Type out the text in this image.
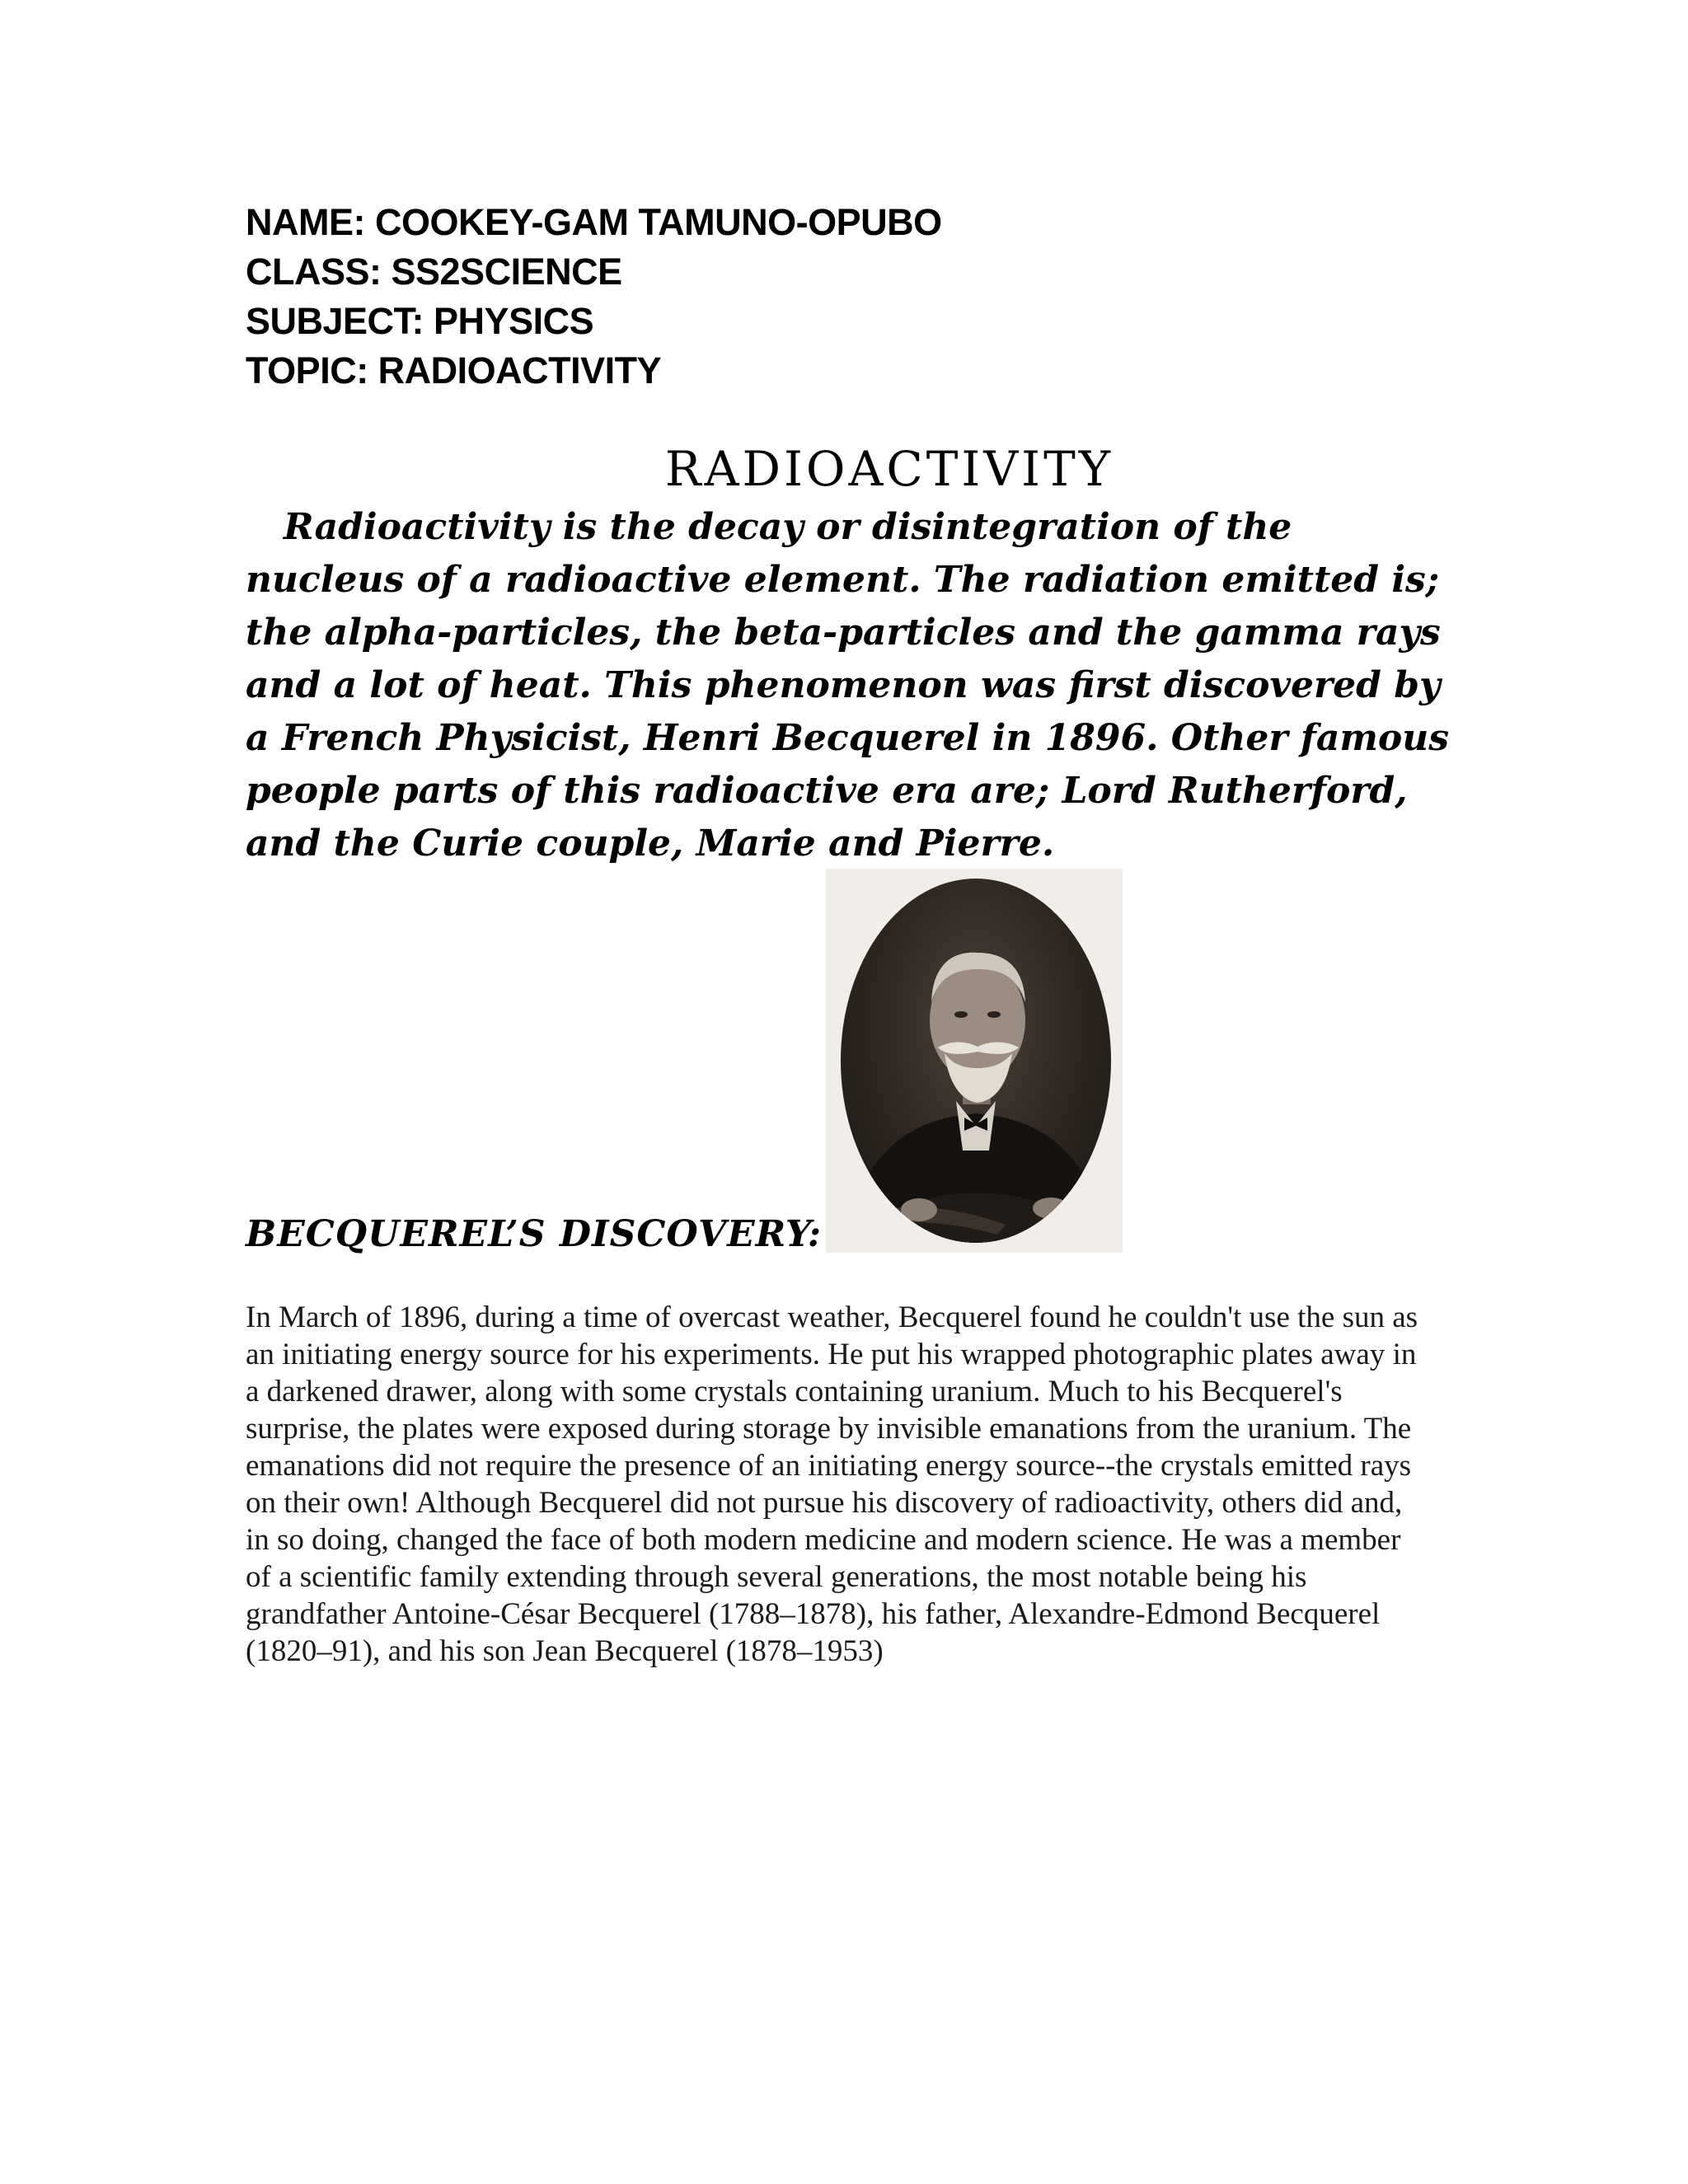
NAME: COOKEY-GAM TAMUNO-OPUBO
CLASS: SS2SCIENCE
SUBJECT: PHYSICS
TOPIC: RADIOACTIVITY
RADIOACTIVITY

Radioactivity is the decay or disintegration of the nucleus of a radioactive element. The radiation emitted is; the alpha-particles, the beta-particles and the gamma rays and a lot of heat. This phenomenon was first discovered by a French Physicist, Henri Becquerel in 1896. Other famous people parts of this radioactive era are; Lord Rutherford, and the Curie couple, Marie and Pierre.

BECQUEREL’S DISCOVERY:

In March of 1896, during a time of overcast weather, Becquerel found he couldn't use the sun as an initiating energy source for his experiments. He put his wrapped photographic plates away in a darkened drawer, along with some crystals containing uranium. Much to his Becquerel's surprise, the plates were exposed during storage by invisible emanations from the uranium. The emanations did not require the presence of an initiating energy source--the crystals emitted rays on their own! Although Becquerel did not pursue his discovery of radioactivity, others did and, in so doing, changed the face of both modern medicine and modern science. He was a member of a scientific family extending through several generations, the most notable being his grandfather Antoine-César Becquerel (1788–1878), his father, Alexandre-Edmond Becquerel (1820–91), and his son Jean Becquerel (1878–1953)
